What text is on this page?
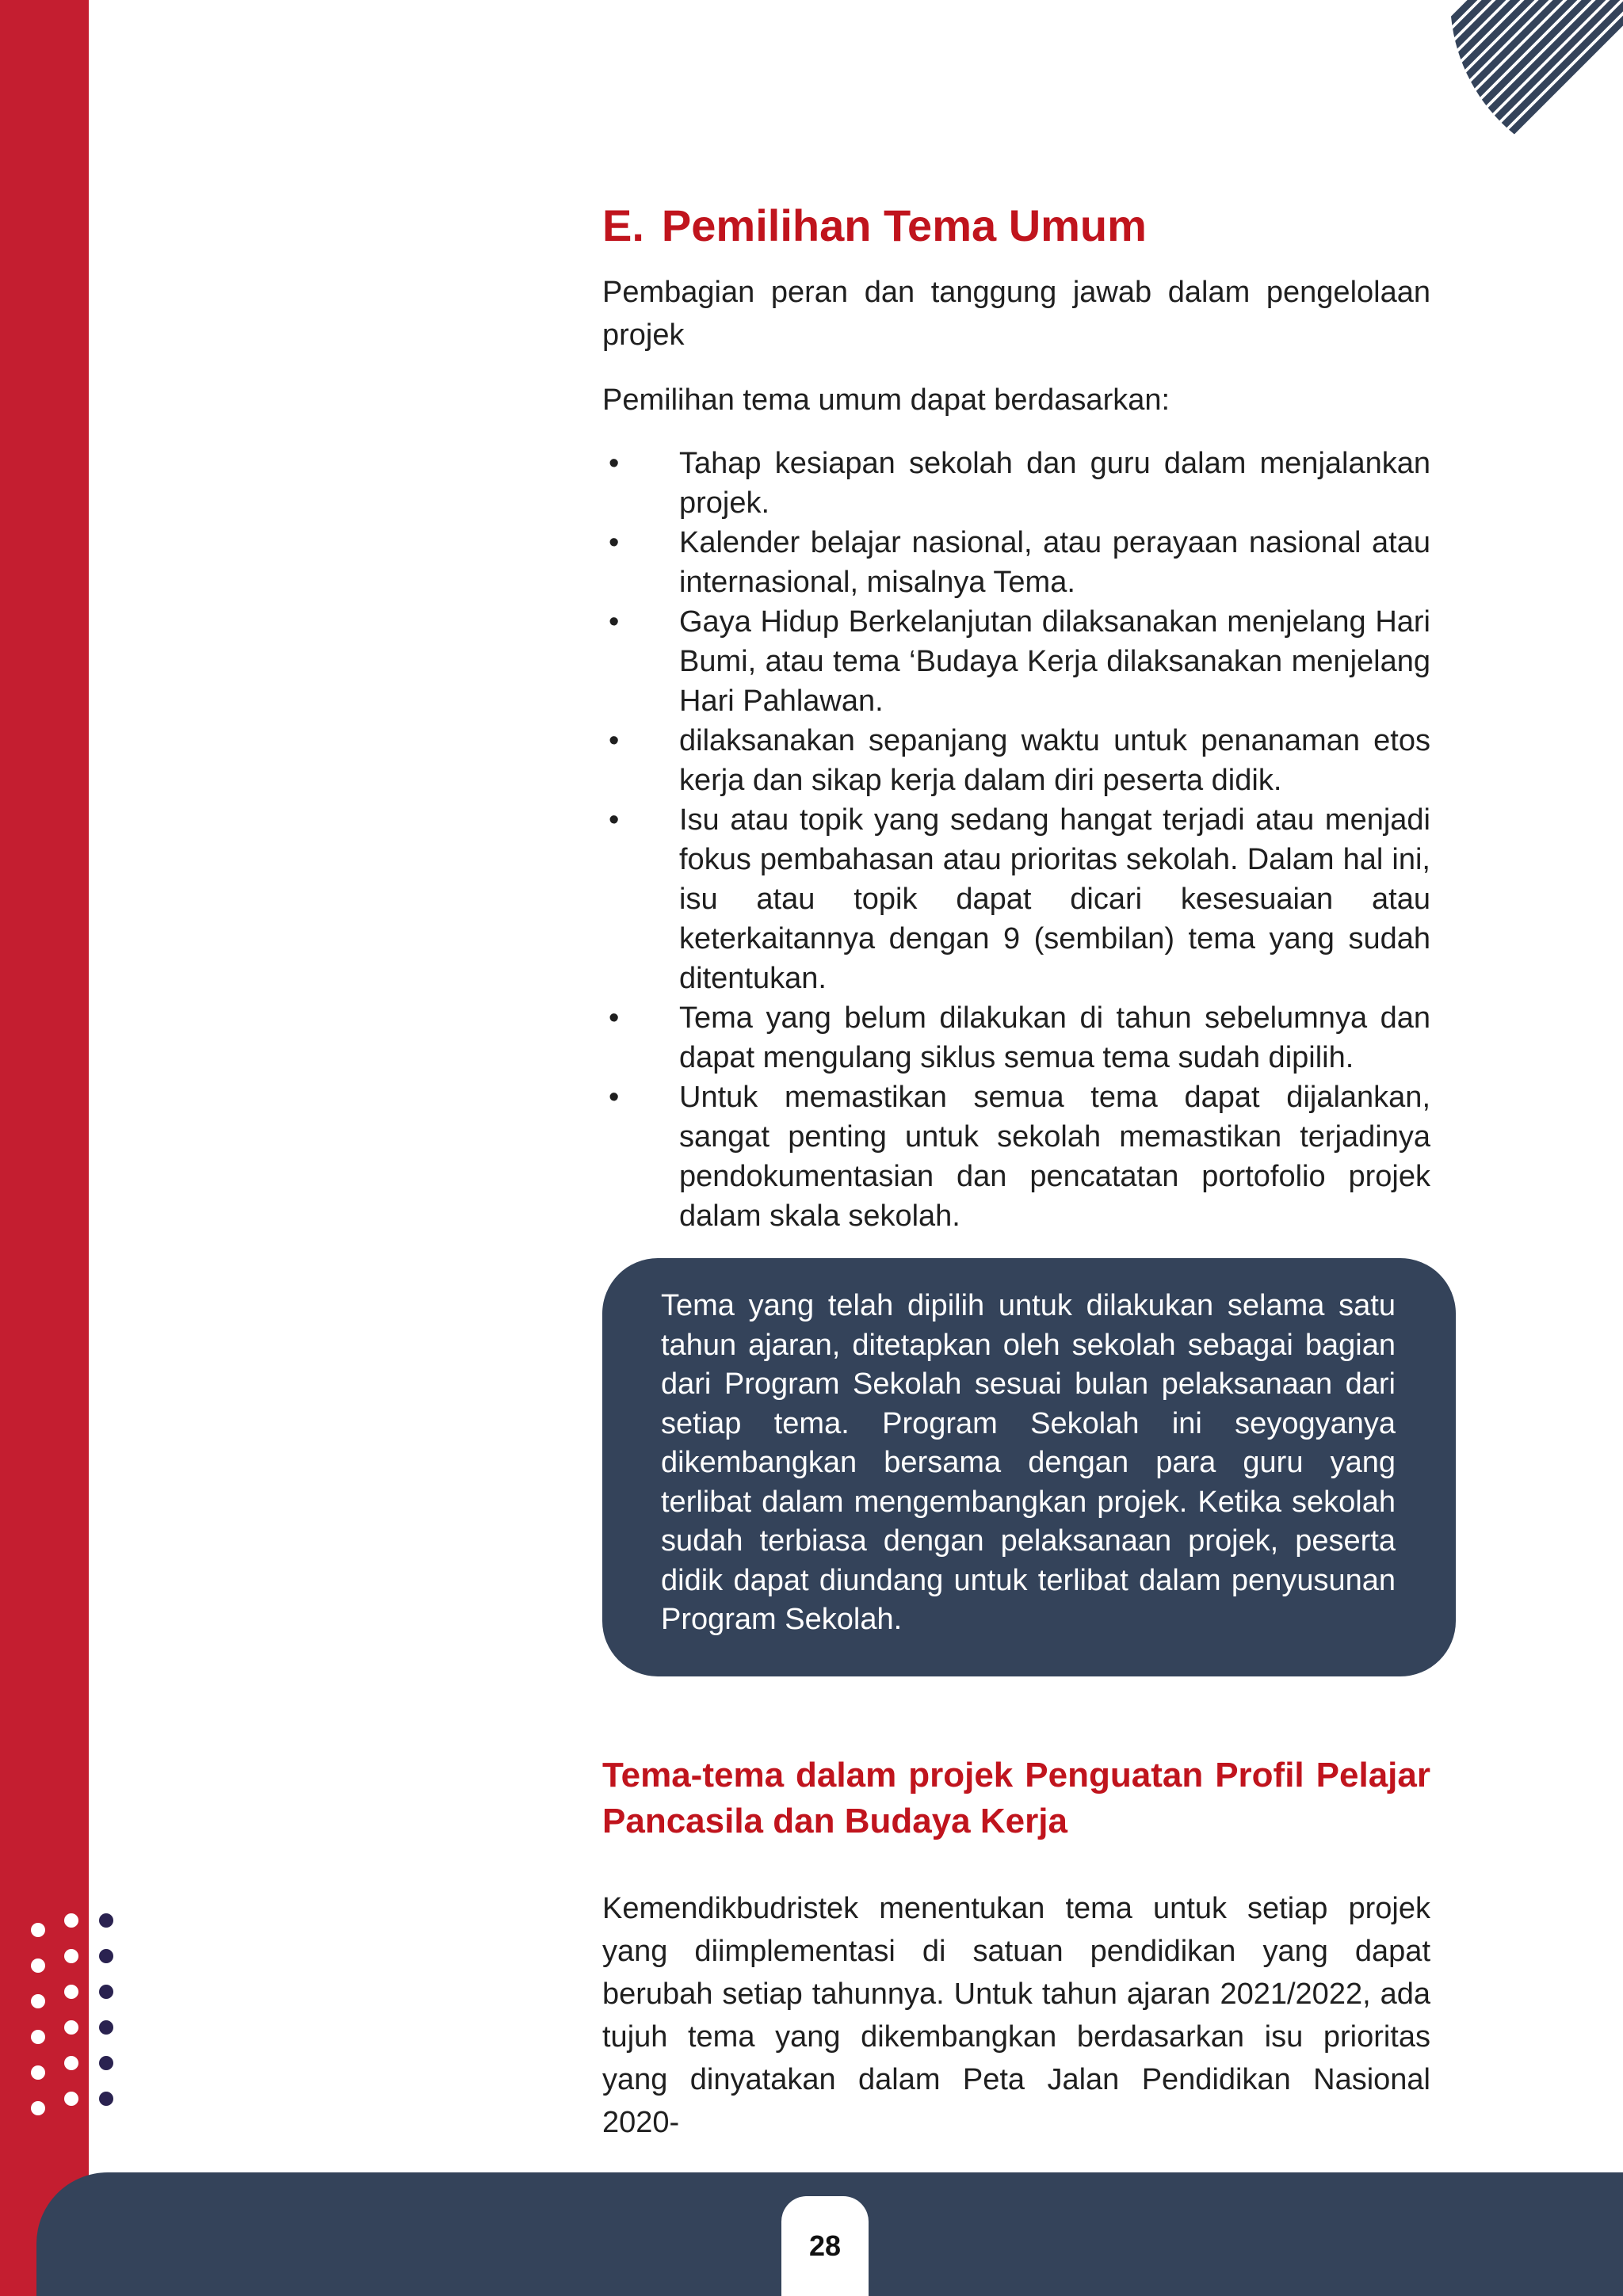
E. Pemilihan Tema Umum

Pembagian peran dan tanggung jawab dalam pengelolaan projek

Pemilihan tema umum dapat berdasarkan:

• Tahap kesiapan sekolah dan guru dalam menjalankan projek.
• Kalender belajar nasional, atau perayaan nasional atau internasional, misalnya Tema.
• Gaya Hidup Berkelanjutan dilaksanakan menjelang Hari Bumi, atau tema ‘Budaya Kerja dilaksanakan menjelang Hari Pahlawan.
• dilaksanakan sepanjang waktu untuk penanaman etos kerja dan sikap kerja dalam diri peserta didik.
• Isu atau topik yang sedang hangat terjadi atau menjadi fokus pembahasan atau prioritas sekolah. Dalam hal ini, isu atau topik dapat dicari kesesuaian atau keterkaitannya dengan 9 (sembilan) tema yang sudah ditentukan.
• Tema yang belum dilakukan di tahun sebelumnya dan dapat mengulang siklus semua tema sudah dipilih.
• Untuk memastikan semua tema dapat dijalankan, sangat penting untuk sekolah memastikan terjadinya pendokumentasian dan pencatatan portofolio projek dalam skala sekolah.
Tema yang telah dipilih untuk dilakukan selama satu tahun ajaran, ditetapkan oleh sekolah sebagai bagian dari Program Sekolah sesuai bulan pelaksanaan dari setiap tema. Program Sekolah ini seyogyanya dikembangkan bersama dengan para guru yang terlibat dalam mengembangkan projek. Ketika sekolah sudah terbiasa dengan pelaksanaan projek, peserta didik dapat diundang untuk terlibat dalam penyusunan Program Sekolah.
Tema-tema dalam projek Penguatan Profil Pelajar Pancasila dan Budaya Kerja

Kemendikbudristek menentukan tema untuk setiap projek yang diimplementasi di satuan pendidikan yang dapat berubah setiap tahunnya. Untuk tahun ajaran 2021/2022, ada tujuh tema yang dikembangkan berdasarkan isu prioritas yang dinyatakan dalam Peta Jalan Pendidikan Nasional 2020-

28
